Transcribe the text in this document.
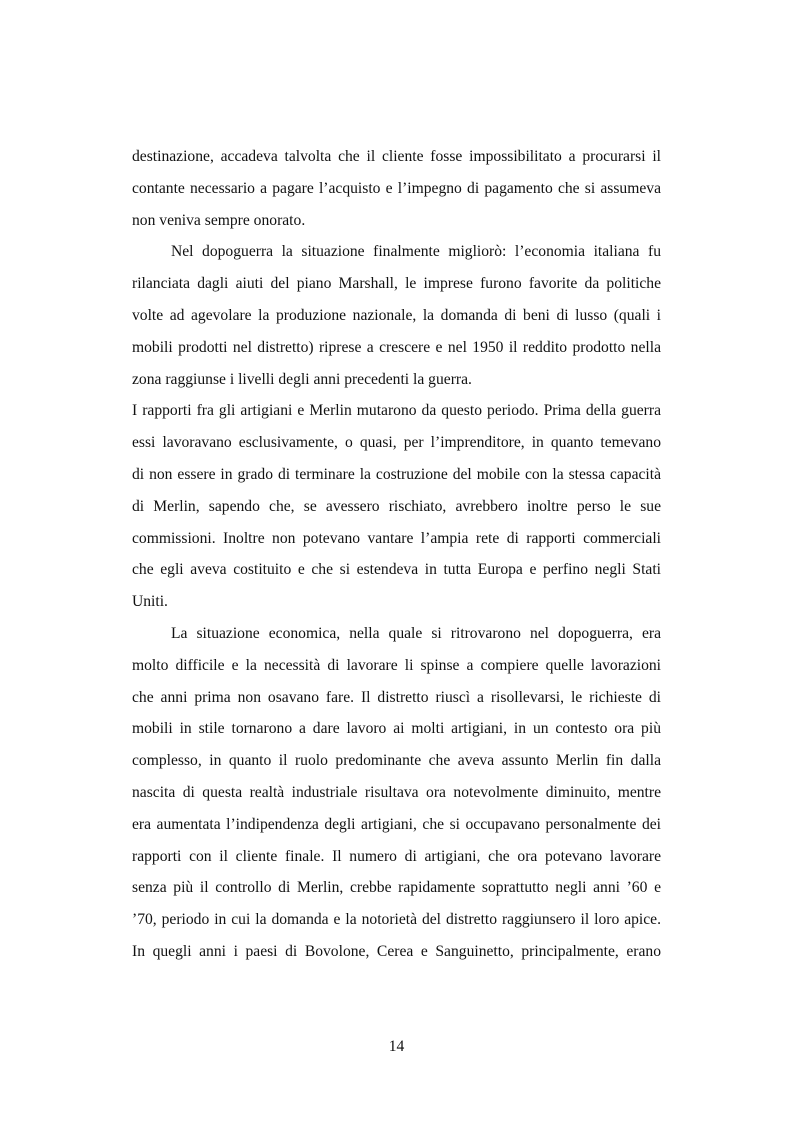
destinazione, accadeva talvolta che il cliente fosse impossibilitato a procurarsi il
contante necessario a pagare l’acquisto e l’impegno di pagamento che si assumeva
non veniva sempre onorato.

Nel dopoguerra la situazione finalmente migliorò: l’economia italiana fu
rilanciata dagli aiuti del piano Marshall, le imprese furono favorite da politiche
volte ad agevolare la produzione nazionale, la domanda di beni di lusso (quali i
mobili prodotti nel distretto) riprese a crescere e nel 1950 il reddito prodotto nella
zona raggiunse i livelli degli anni precedenti la guerra.

I rapporti fra gli artigiani e Merlin mutarono da questo periodo. Prima della guerra
essi lavoravano esclusivamente, o quasi, per l’imprenditore, in quanto temevano
di non essere in grado di terminare la costruzione del mobile con la stessa capacità
di Merlin, sapendo che, se avessero rischiato, avrebbero inoltre perso le sue
commissioni. Inoltre non potevano vantare l’ampia rete di rapporti commerciali
che egli aveva costituito e che si estendeva in tutta Europa e perfino negli Stati
Uniti.

La situazione economica, nella quale si ritrovarono nel dopoguerra, era
molto difficile e la necessità di lavorare li spinse a compiere quelle lavorazioni
che anni prima non osavano fare. Il distretto riuscì a risollevarsi, le richieste di
mobili in stile tornarono a dare lavoro ai molti artigiani, in un contesto ora più
complesso, in quanto il ruolo predominante che aveva assunto Merlin fin dalla
nascita di questa realtà industriale risultava ora notevolmente diminuito, mentre
era aumentata l’indipendenza degli artigiani, che si occupavano personalmente dei
rapporti con il cliente finale. Il numero di artigiani, che ora potevano lavorare
senza più il controllo di Merlin, crebbe rapidamente soprattutto negli anni ’60 e
’70, periodo in cui la domanda e la notorietà del distretto raggiunsero il loro apice.
In quegli anni i paesi di Bovolone, Cerea e Sanguinetto, principalmente, erano

14
